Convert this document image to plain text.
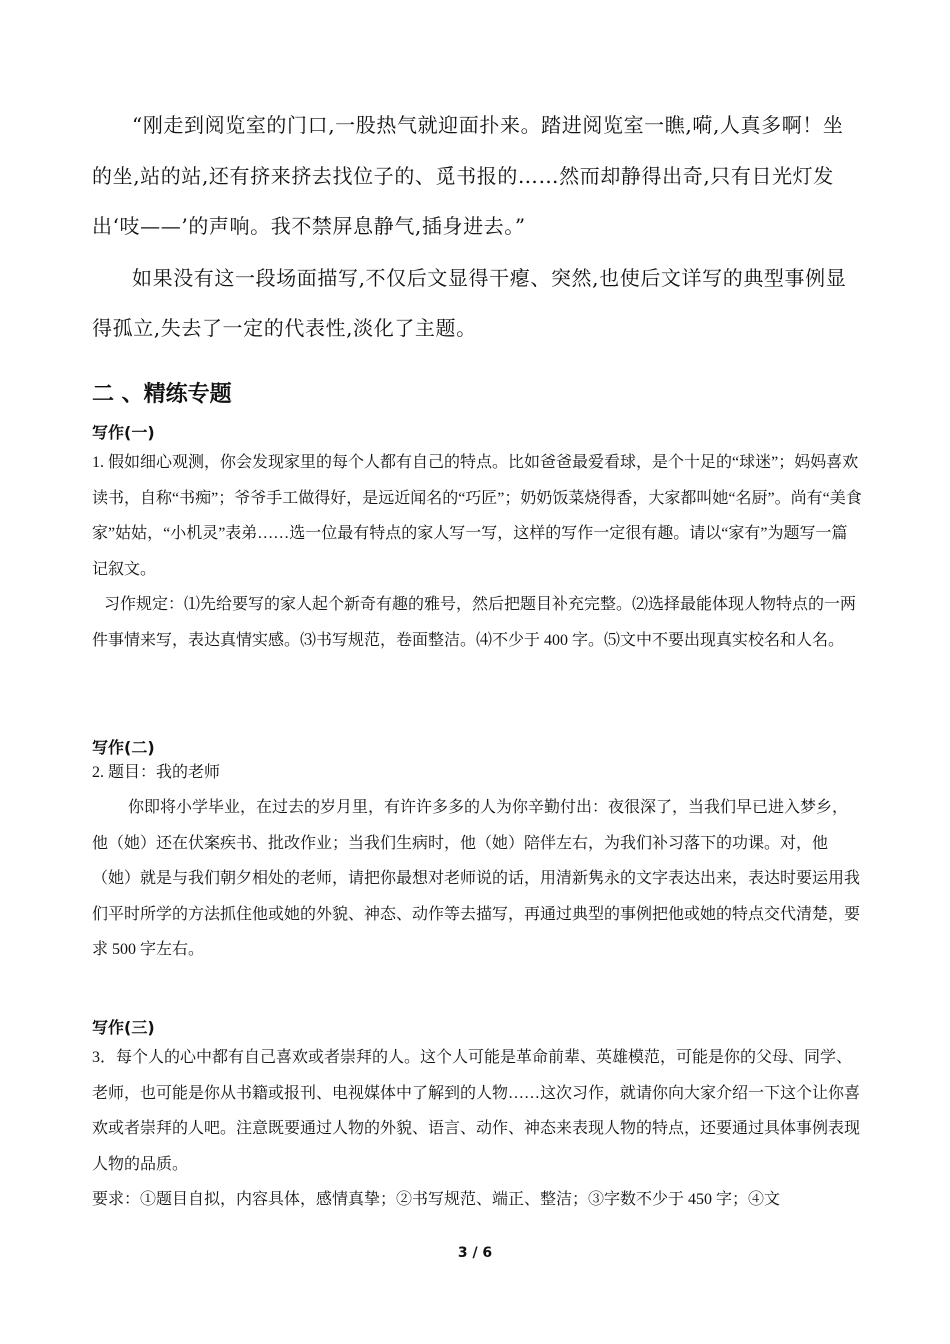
“刚走到阅览室的门口,一股热气就迎面扑来。踏进阅览室一瞧,嗬,人真多啊！坐的坐,站的站,还有挤来挤去找位子的、觅书报的……然而却静得出奇,只有日光灯发出‘吱——’的声响。我不禁屏息静气,插身进去。”

如果没有这一段场面描写,不仅后文显得干瘪、突然,也使后文详写的典型事例显得孤立,失去了一定的代表性,淡化了主题。

二 、精练专题
写作(一)

1. 假如细心观测，你会发现家里的每个人都有自己的特点。比如爸爸最爱看球，是个十足的“球迷”；妈妈喜欢读书，自称“书痴”；爷爷手工做得好，是远近闻名的“巧匠”；奶奶饭菜烧得香，大家都叫她“名厨”。尚有“美食家”姑姑，“小机灵”表弟……选一位最有特点的家人写一写，这样的写作一定很有趣。请以“家有”为题写一篇记叙文。

习作规定：⑴先给要写的家人起个新奇有趣的雅号，然后把题目补充完整。⑵选择最能体现人物特点的一两件事情来写，表达真情实感。⑶书写规范，卷面整洁。⑷不少于 400 字。⑸文中不要出现真实校名和人名。

写作(二)

2. 题目：我的老师

你即将小学毕业，在过去的岁月里，有许许多多的人为你辛勤付出：夜很深了，当我们早已进入梦乡，他（她）还在伏案疾书、批改作业；当我们生病时，他（她）陪伴左右，为我们补习落下的功课。对，他（她）就是与我们朝夕相处的老师，请把你最想对老师说的话，用清新隽永的文字表达出来，表达时要运用我们平时所学的方法抓住他或她的外貌、神态、动作等去描写，再通过典型的事例把他或她的特点交代清楚，要求 500 字左右。

写作(三)

3．每个人的心中都有自己喜欢或者崇拜的人。这个人可能是革命前辈、英雄模范，可能是你的父母、同学、老师，也可能是你从书籍或报刊、电视媒体中了解到的人物……这次习作，就请你向大家介绍一下这个让你喜欢或者崇拜的人吧。注意既要通过人物的外貌、语言、动作、神态来表现人物的特点，还要通过具体事例表现人物的品质。

要求：①题目自拟，内容具体，感情真挚；②书写规范、端正、整洁；③字数不少于 450 字；④文

3 / 6
